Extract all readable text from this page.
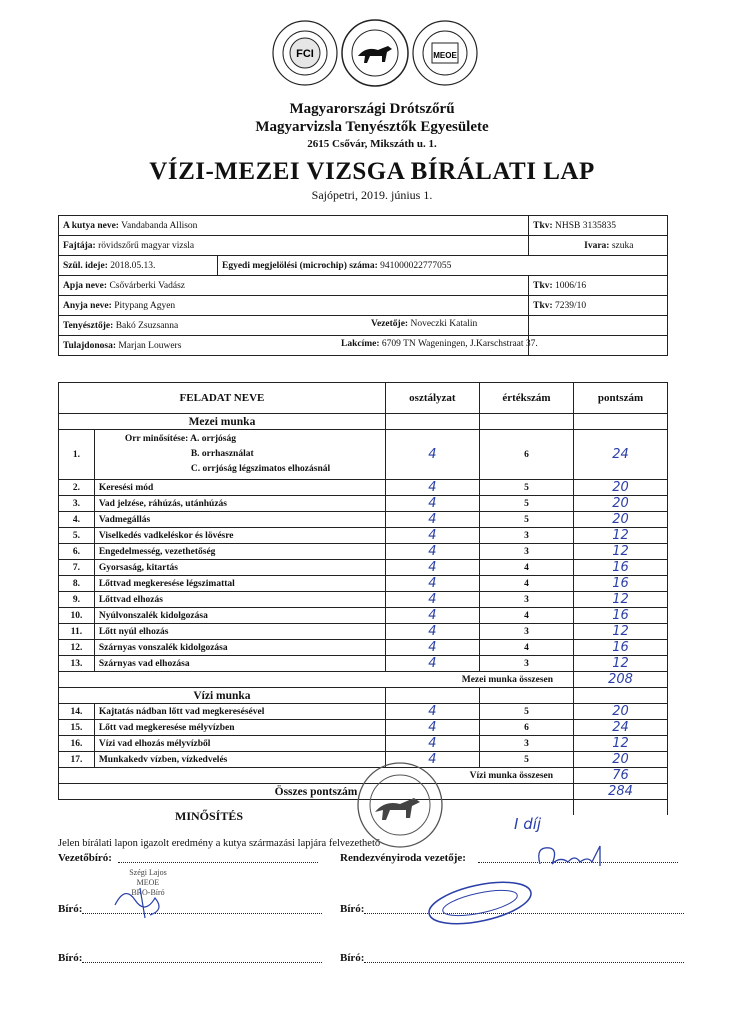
FCI	MEOE
Magyarországi Drótszőrű
Magyarvizsla Tenyésztők Egyesülete
2615 Csővár, Mikszáth u. 1.
VÍZI-MEZEI VIZSGA BÍRÁLATI LAP
Sajópetri, 2019. június 1.
A kutya neve: Vandabanda Allison		Tkv: NHSB 3135835
Fajtája: rövidszőrű magyar vizsla		Ivara: szuka
Szül. ideje: 2018.05.13.	Egyedi megjelölési (microchip) száma: 941000022777055	
Apja neve: Csővárberki Vadász		Tkv: 1006/16
Anyja neve: Pitypang Agyen		Tkv: 7239/10
Tenyésztője: Bakó Zsuzsanna Vezetője: Noveczki Katalin		

Tulajdonosa: Marjan Louwers Lakcíme: 6709 TN Wageningen, J.Karschstraat 37.		

FELADAT NEVE		osztályzat	értékszám	pontszám
Mezei munka				
1.	Orr minősítése: A. orrjóság
B. orrhasználat
C. orrjóság légszimatos elhozásnál	4	6	24
2.	Keresési mód	4	5	20
3.	Vad jelzése, ráhúzás, utánhúzás	4	5	20
4.	Vadmegállás	4	5	20
5.	Viselkedés vadkeléskor és lövésre	4	3	12
6.	Engedelmesség, vezethetőség	4	3	12
7.	Gyorsaság, kitartás	4	4	16
8.	Lőttvad megkeresése légszimattal	4	4	16
9.	Lőttvad elhozás	4	3	12
10.	Nyúlvonszalék kidolgozása	4	4	16
11.	Lőtt nyúl elhozás	4	3	12
12.	Szárnyas vonszalék kidolgozása	4	4	16
13.	Szárnyas vad elhozása	4	3	12
Mezei munka összesen				208
Vízi munka				
14.	Kajtatás nádban lőtt vad megkeresésével	4	5	20
15.	Lőtt vad megkeresése mélyvízben	4	6	24
16.	Vízi vad elhozás mélyvízből	4	3	12
17.	Munkakedv vízben, vízkedvelés	4	5	20
Vízi munka összesen				76
Összes pontszám				284

MINŐSÍTÉS	I díj
Jelen bírálati lapon igazolt eredmény a kutya származási lapjára felvezethető
Vezetőbíró:	Rendezvényiroda vezetője:
Szégi Lajos
MEOE
BRO-Bíró
Bíró:	Bíró:
Bíró:	Bíró:
